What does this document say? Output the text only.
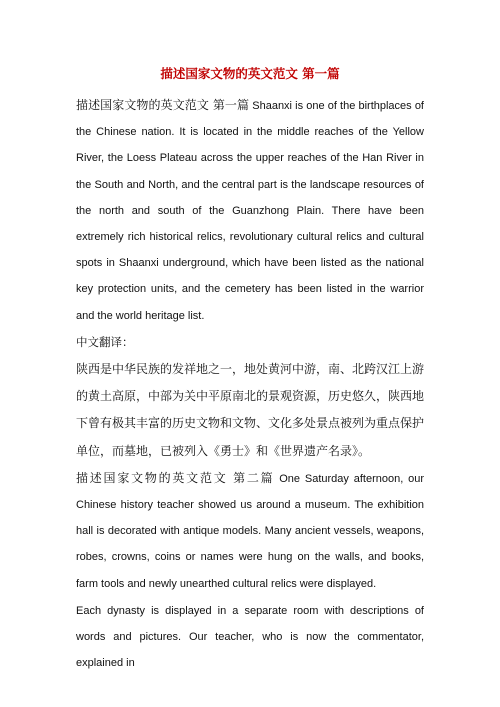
描述国家文物的英文范文 第一篇

描述国家文物的英文范文 第一篇 Shaanxi is one of the birthplaces of the Chinese nation. It is located in the middle reaches of the Yellow River, the Loess Plateau across the upper reaches of the Han River in the South and North, and the central part is the landscape resources of the north and south of the Guanzhong Plain. There have been extremely rich historical relics, revolutionary cultural relics and cultural spots in Shaanxi underground, which have been listed as the national key protection units, and the cemetery has been listed in the warrior and the world heritage list.

中文翻译：

陕西是中华民族的发祥地之一，地处黄河中游，南、北跨汉江上游的黄土高原，中部为关中平原南北的景观资源，历史悠久，陕西地下曾有极其丰富的历史文物和文物、文化多处景点被列为重点保护单位，而墓地，已被列入《勇士》和《世界遗产名录》。

描述国家文物的英文范文 第二篇 One Saturday afternoon, our Chinese history teacher showed us around a museum. The exhibition hall is decorated with antique models. Many ancient vessels, weapons, robes, crowns, coins or names were hung on the walls, and books, farm tools and newly unearthed cultural relics were displayed.

Each dynasty is displayed in a separate room with descriptions of words and pictures. Our teacher, who is now the commentator, explained in
